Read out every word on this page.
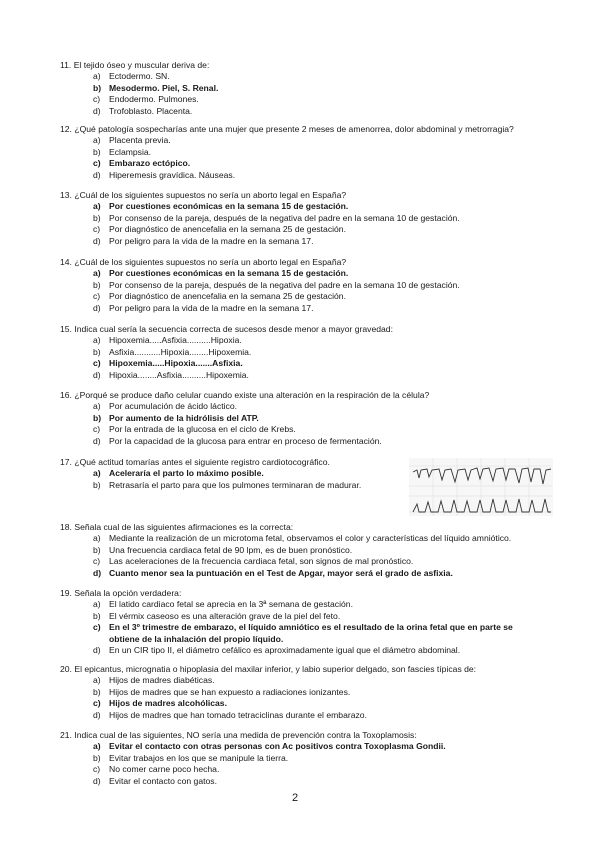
11. El tejido óseo y muscular deriva de:
a) Ectodermo. SN.
b) Mesodermo. Piel, S. Renal.
c)	Endodermo. Pulmones.
d) Trofoblasto. Placenta.
12. ¿Qué patología sospecharías ante una mujer que presente 2 meses de amenorrea, dolor abdominal y metrorragia?
a) Placenta previa.
b) Eclampsia.
c) Embarazo ectópico.
d) Hiperemesis gravídica. Náuseas.
13. ¿Cuál de los siguientes supuestos no sería un aborto legal en España?
a) Por cuestiones económicas en la semana 15 de gestación.
b) Por consenso de la pareja, después de la negativa del padre en la semana 10 de gestación.
c)	Por diagnóstico de anencefalia en la semana 25 de gestación.
d) Por peligro para la vida de la madre en la semana 17.
14. ¿Cuál de los siguientes supuestos no sería un aborto legal en España?
a) Por cuestiones económicas en la semana 15 de gestación.
b) Por consenso de la pareja, después de la negativa del padre en la semana 10 de gestación.
c)	Por diagnóstico de anencefalia en la semana 25 de gestación.
d) Por peligro para la vida de la madre en la semana 17.
15. Indica cual sería la secuencia correcta de sucesos desde menor a mayor gravedad:
a) Hipoxemia.....Asfixia..........Hipoxia.
b) Asfixia...........Hipoxia........Hipoxemia.
c) Hipoxemia.....Hipoxia.......Asfixia.
d) Hipoxia........Asfixia..........Hipoxemia.
16. ¿Porqué se produce daño celular cuando existe una alteración en la respiración de la célula?
a) Por acumulación de ácido láctico.
b) Por aumento de la hidrólisis del ATP.
c)	Por la entrada de la glucosa en el ciclo de Krebs.
d) Por la capacidad de la glucosa para entrar en proceso de fermentación.
17. ¿Qué actitud tomarías antes el siguiente registro cardiotocográfico.
a) Aceleraría el parto lo máximo posible.
b) Retrasaría el parto para que los pulmones terminaran de madurar.
18. Señala cual de las siguientes afirmaciones es la correcta:
a) Mediante la realización de un microtoma fetal, observamos el color y características del líquido amniótico.
b) Una frecuencia cardiaca fetal de 90 lpm, es de buen pronóstico.
c)	Las aceleraciones de la frecuencia cardiaca fetal, son signos de mal pronóstico.
d) Cuanto menor sea la puntuación en el Test de Apgar, mayor será el grado de asfixia.
19. Señala la opción verdadera:
a) El latido cardiaco fetal se aprecia en la 3ª semana de gestación.
b) El vérmix caseoso es una alteración grave de la piel del feto.
c) En el 3º trimestre de embarazo, el líquido amniótico es el resultado de la orina fetal que en parte se
obtiene de la inhalación del propio líquido.
d) En un CIR tipo II, el diámetro cefálico es aproximadamente igual que el diámetro abdominal.
20. El epicantus, micrognatia o hipoplasia del maxilar inferior, y labio superior delgado, son fascies típicas de:
a) Hijos de madres diabéticas.
b) Hijos de madres que se han expuesto a radiaciones ionizantes.
c) Hijos de madres alcohólicas.
d) Hijos de madres que han tomado tetraciclinas durante el embarazo.
21. Indica cual de las siguientes, NO sería una medida de prevención contra la Toxoplamosis:
a) Evitar el contacto con otras personas con Ac positivos contra Toxoplasma Gondii.
b) Evitar trabajos en los que se manipule la tierra.
c)	No comer carne poco hecha.
d) Evitar el contacto con gatos.
2
